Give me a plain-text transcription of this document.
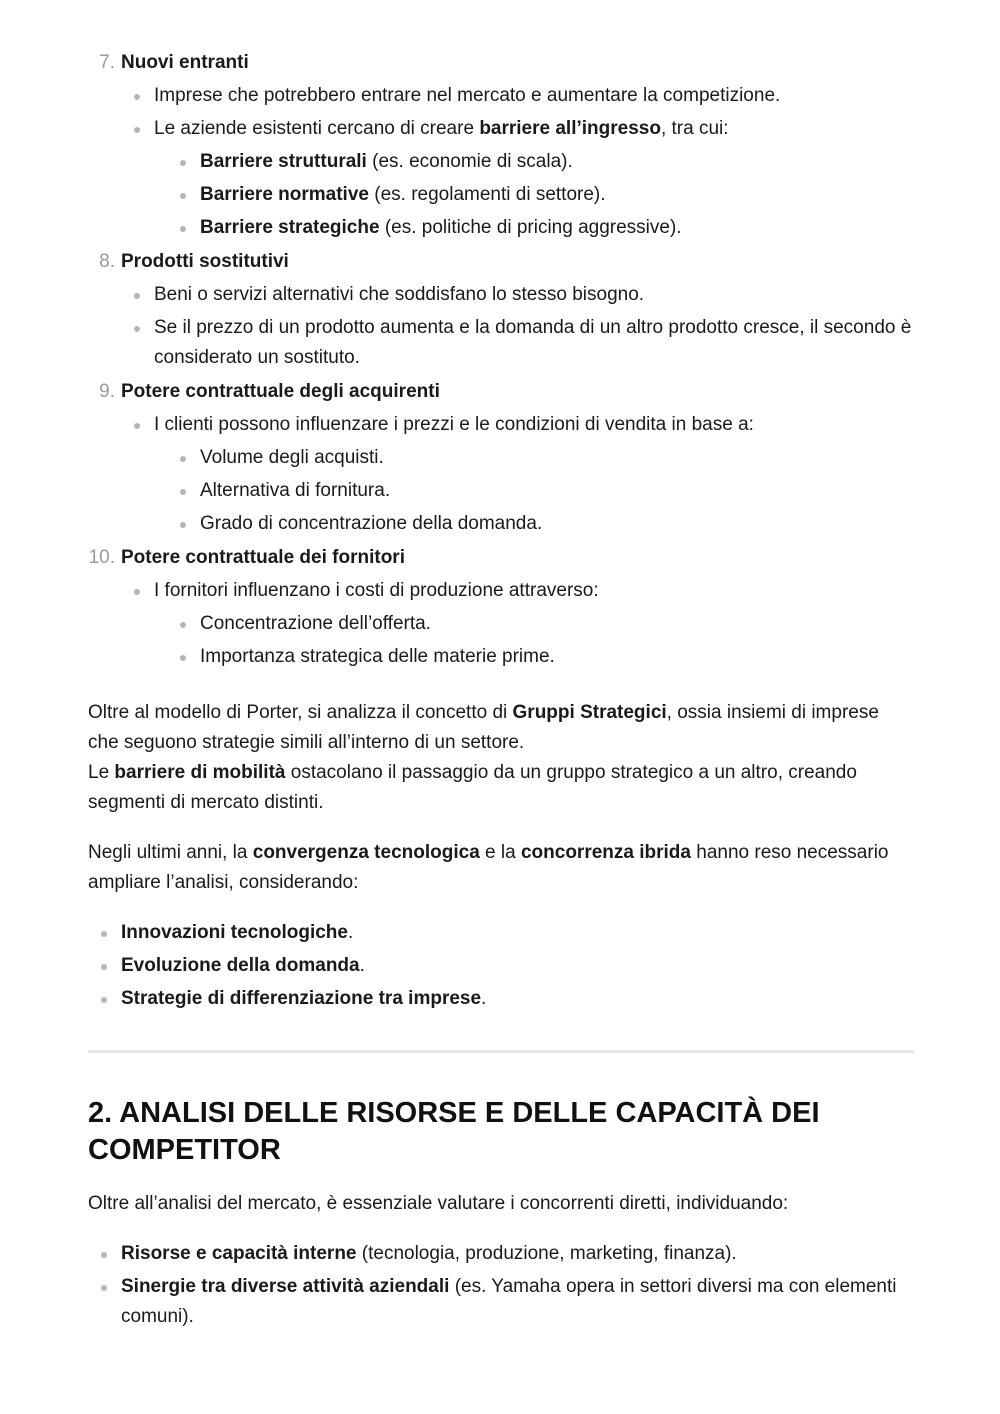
7. Nuovi entranti
Imprese che potrebbero entrare nel mercato e aumentare la competizione.
Le aziende esistenti cercano di creare barriere all’ingresso, tra cui:
Barriere strutturali (es. economie di scala).
Barriere normative (es. regolamenti di settore).
Barriere strategiche (es. politiche di pricing aggressive).
8. Prodotti sostitutivi
Beni o servizi alternativi che soddisfano lo stesso bisogno.
Se il prezzo di un prodotto aumenta e la domanda di un altro prodotto cresce, il secondo è considerato un sostituto.
9. Potere contrattuale degli acquirenti
I clienti possono influenzare i prezzi e le condizioni di vendita in base a:
Volume degli acquisti.
Alternativa di fornitura.
Grado di concentrazione della domanda.
10. Potere contrattuale dei fornitori
I fornitori influenzano i costi di produzione attraverso:
Concentrazione dell’offerta.
Importanza strategica delle materie prime.

Oltre al modello di Porter, si analizza il concetto di Gruppi Strategici, ossia insiemi di imprese che seguono strategie simili all’interno di un settore.
Le barriere di mobilità ostacolano il passaggio da un gruppo strategico a un altro, creando segmenti di mercato distinti.

Negli ultimi anni, la convergenza tecnologica e la concorrenza ibrida hanno reso necessario ampliare l’analisi, considerando:

Innovazioni tecnologiche.
Evoluzione della domanda.
Strategie di differenziazione tra imprese.
2. ANALISI DELLE RISORSE E DELLE CAPACITÀ DEI COMPETITOR

Oltre all’analisi del mercato, è essenziale valutare i concorrenti diretti, individuando:

Risorse e capacità interne (tecnologia, produzione, marketing, finanza).
Sinergie tra diverse attività aziendali (es. Yamaha opera in settori diversi ma con elementi comuni).
